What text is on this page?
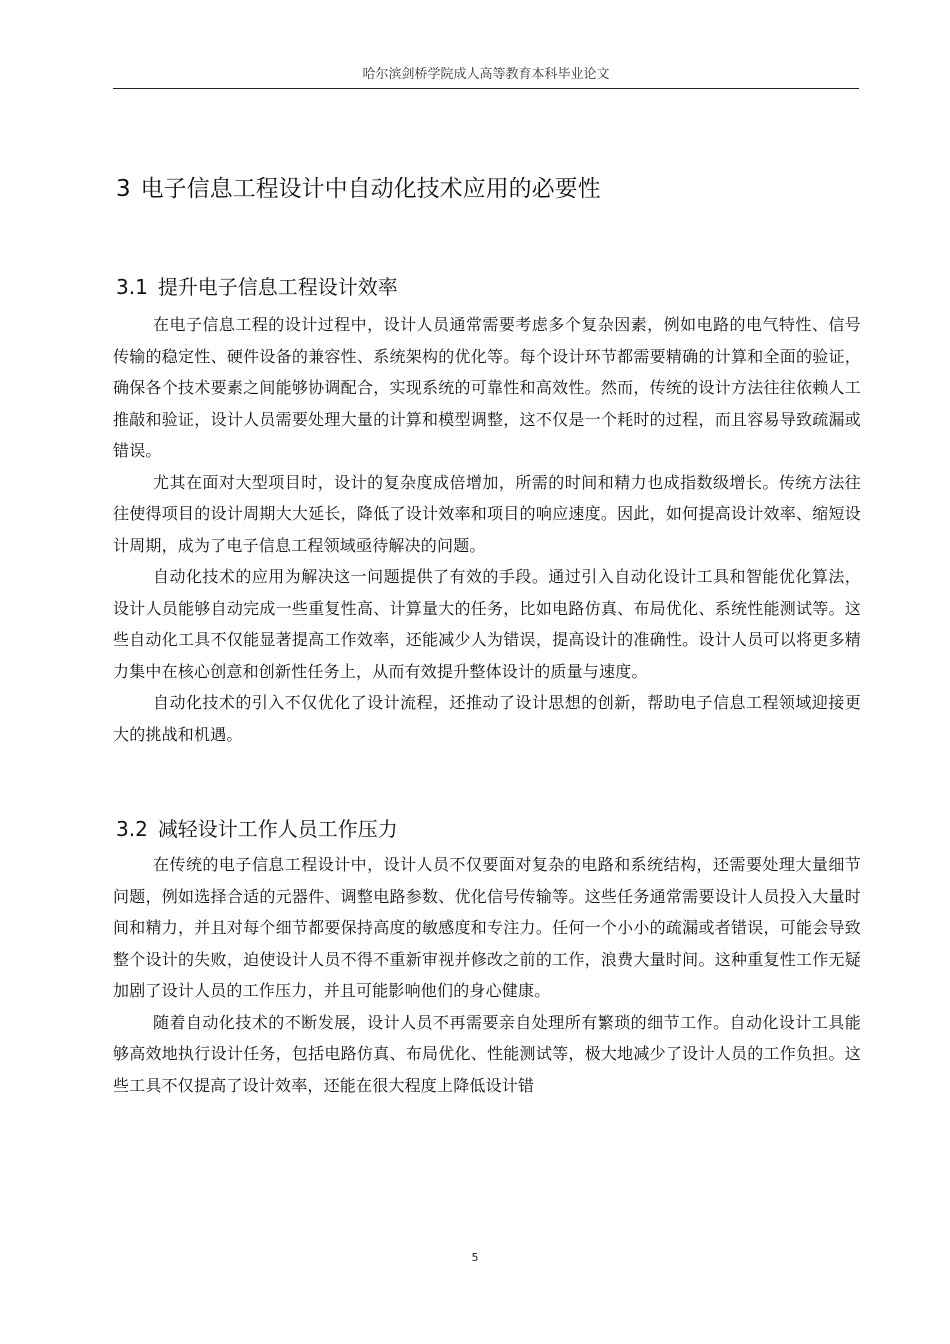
哈尔滨剑桥学院成人高等教育本科毕业论文
3 电子信息工程设计中自动化技术应用的必要性
3.1 提升电子信息工程设计效率

在电子信息工程的设计过程中，设计人员通常需要考虑多个复杂因素，例如电路的电气特性、信号传输的稳定性、硬件设备的兼容性、系统架构的优化等。每个设计环节都需要精确的计算和全面的验证，确保各个技术要素之间能够协调配合，实现系统的可靠性和高效性。然而，传统的设计方法往往依赖人工推敲和验证，设计人员需要处理大量的计算和模型调整，这不仅是一个耗时的过程，而且容易导致疏漏或错误。

尤其在面对大型项目时，设计的复杂度成倍增加，所需的时间和精力也成指数级增长。传统方法往往使得项目的设计周期大大延长，降低了设计效率和项目的响应速度。因此，如何提高设计效率、缩短设计周期，成为了电子信息工程领域亟待解决的问题。

自动化技术的应用为解决这一问题提供了有效的手段。通过引入自动化设计工具和智能优化算法，设计人员能够自动完成一些重复性高、计算量大的任务，比如电路仿真、布局优化、系统性能测试等。这些自动化工具不仅能显著提高工作效率，还能减少人为错误，提高设计的准确性。设计人员可以将更多精力集中在核心创意和创新性任务上，从而有效提升整体设计的质量与速度。

自动化技术的引入不仅优化了设计流程，还推动了设计思想的创新，帮助电子信息工程领域迎接更大的挑战和机遇。

3.2 减轻设计工作人员工作压力

在传统的电子信息工程设计中，设计人员不仅要面对复杂的电路和系统结构，还需要处理大量细节问题，例如选择合适的元器件、调整电路参数、优化信号传输等。这些任务通常需要设计人员投入大量时间和精力，并且对每个细节都要保持高度的敏感度和专注力。任何一个小小的疏漏或者错误，可能会导致整个设计的失败，迫使设计人员不得不重新审视并修改之前的工作，浪费大量时间。这种重复性工作无疑加剧了设计人员的工作压力，并且可能影响他们的身心健康。

随着自动化技术的不断发展，设计人员不再需要亲自处理所有繁琐的细节工作。自动化设计工具能够高效地执行设计任务，包括电路仿真、布局优化、性能测试等，极大地减少了设计人员的工作负担。这些工具不仅提高了设计效率，还能在很大程度上降低设计错

5
